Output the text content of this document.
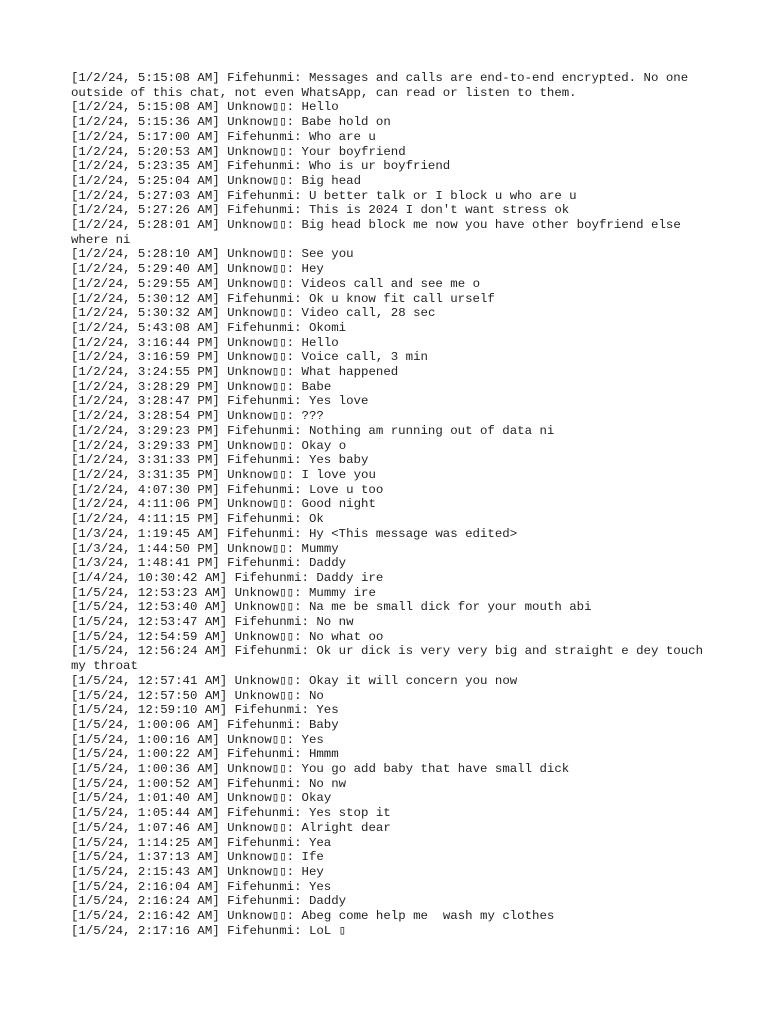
[1/2/24, 5:15:08 AM] Fifehunmi: Messages and calls are end-to-end encrypted. No one outside of this chat, not even WhatsApp, can read or listen to them.
[1/2/24, 5:15:08 AM] Unknow▯▯: Hello
[1/2/24, 5:15:36 AM] Unknow▯▯: Babe hold on
[1/2/24, 5:17:00 AM] Fifehunmi: Who are u
[1/2/24, 5:20:53 AM] Unknow▯▯: Your boyfriend
[1/2/24, 5:23:35 AM] Fifehunmi: Who is ur boyfriend
[1/2/24, 5:25:04 AM] Unknow▯▯: Big head
[1/2/24, 5:27:03 AM] Fifehunmi: U better talk or I block u who are u
[1/2/24, 5:27:26 AM] Fifehunmi: This is 2024 I don't want stress ok
[1/2/24, 5:28:01 AM] Unknow▯▯: Big head block me now you have other boyfriend else where ni
[1/2/24, 5:28:10 AM] Unknow▯▯: See you
[1/2/24, 5:29:40 AM] Unknow▯▯: Hey
[1/2/24, 5:29:55 AM] Unknow▯▯: Videos call and see me o
[1/2/24, 5:30:12 AM] Fifehunmi: Ok u know fit call urself
[1/2/24, 5:30:32 AM] Unknow▯▯: Video call, 28 sec
[1/2/24, 5:43:08 AM] Fifehunmi: Okomi
[1/2/24, 3:16:44 PM] Unknow▯▯: Hello
[1/2/24, 3:16:59 PM] Unknow▯▯: Voice call, 3 min
[1/2/24, 3:24:55 PM] Unknow▯▯: What happened
[1/2/24, 3:28:29 PM] Unknow▯▯: Babe
[1/2/24, 3:28:47 PM] Fifehunmi: Yes love
[1/2/24, 3:28:54 PM] Unknow▯▯: ???
[1/2/24, 3:29:23 PM] Fifehunmi: Nothing am running out of data ni
[1/2/24, 3:29:33 PM] Unknow▯▯: Okay o
[1/2/24, 3:31:33 PM] Fifehunmi: Yes baby
[1/2/24, 3:31:35 PM] Unknow▯▯: I love you
[1/2/24, 4:07:30 PM] Fifehunmi: Love u too
[1/2/24, 4:11:06 PM] Unknow▯▯: Good night
[1/2/24, 4:11:15 PM] Fifehunmi: Ok
[1/3/24, 1:19:45 AM] Fifehunmi: Hy <This message was edited>
[1/3/24, 1:44:50 PM] Unknow▯▯: Mummy
[1/3/24, 1:48:41 PM] Fifehunmi: Daddy
[1/4/24, 10:30:42 AM] Fifehunmi: Daddy ire
[1/5/24, 12:53:23 AM] Unknow▯▯: Mummy ire
[1/5/24, 12:53:40 AM] Unknow▯▯: Na me be small dick for your mouth abi
[1/5/24, 12:53:47 AM] Fifehunmi: No nw
[1/5/24, 12:54:59 AM] Unknow▯▯: No what oo
[1/5/24, 12:56:24 AM] Fifehunmi: Ok ur dick is very very big and straight e dey touch my throat
[1/5/24, 12:57:41 AM] Unknow▯▯: Okay it will concern you now
[1/5/24, 12:57:50 AM] Unknow▯▯: No
[1/5/24, 12:59:10 AM] Fifehunmi: Yes
[1/5/24, 1:00:06 AM] Fifehunmi: Baby
[1/5/24, 1:00:16 AM] Unknow▯▯: Yes
[1/5/24, 1:00:22 AM] Fifehunmi: Hmmm
[1/5/24, 1:00:36 AM] Unknow▯▯: You go add baby that have small dick
[1/5/24, 1:00:52 AM] Fifehunmi: No nw
[1/5/24, 1:01:40 AM] Unknow▯▯: Okay
[1/5/24, 1:05:44 AM] Fifehunmi: Yes stop it
[1/5/24, 1:07:46 AM] Unknow▯▯: Alright dear
[1/5/24, 1:14:25 AM] Fifehunmi: Yea
[1/5/24, 1:37:13 AM] Unknow▯▯: Ife
[1/5/24, 2:15:43 AM] Unknow▯▯: Hey
[1/5/24, 2:16:04 AM] Fifehunmi: Yes
[1/5/24, 2:16:24 AM] Fifehunmi: Daddy
[1/5/24, 2:16:42 AM] Unknow▯▯: Abeg come help me  wash my clothes
[1/5/24, 2:17:16 AM] Fifehunmi: LoL ▯
